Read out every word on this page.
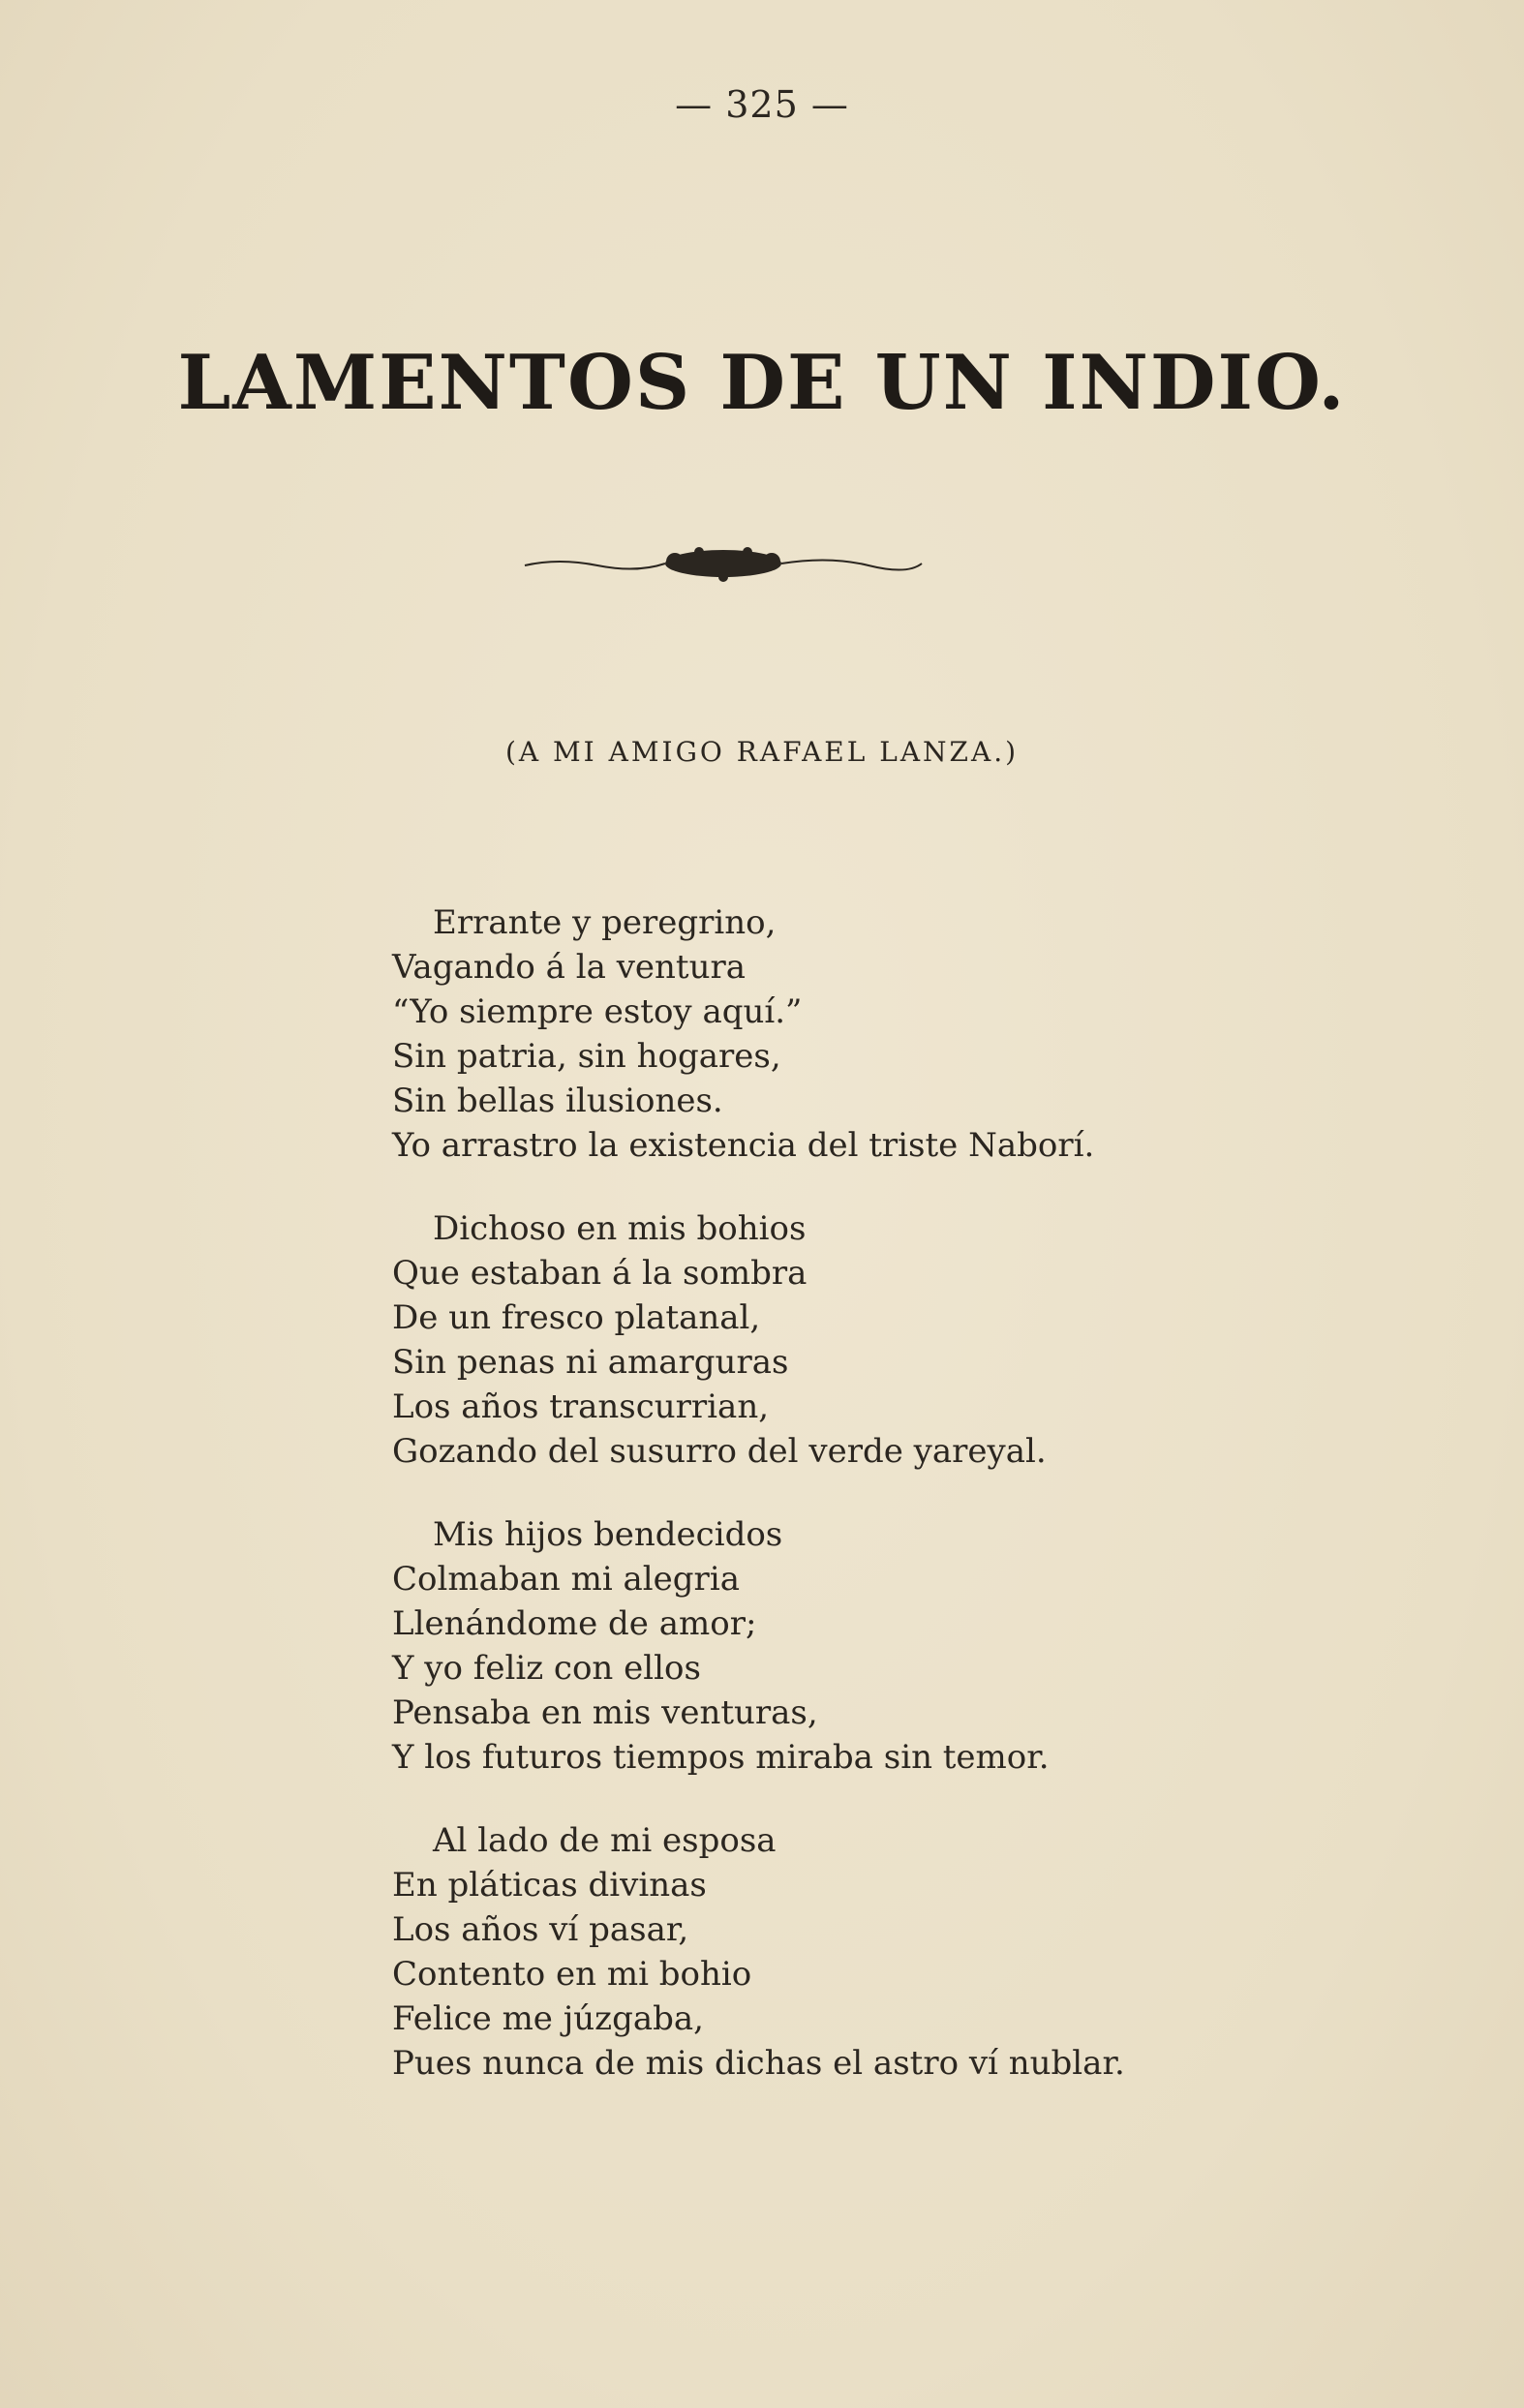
— 325 —
LAMENTOS DE UN INDIO.
(A MI AMIGO RAFAEL LANZA.)
Errante y peregrino,
Vagando á la ventura
“Yo siempre estoy aquí.”
Sin patria, sin hogares,
Sin bellas ilusiones.
Yo arrastro la existencia del triste Naborí.
Dichoso en mis bohios
Que estaban á la sombra
De un fresco platanal,
Sin penas ni amarguras
Los años transcurrian,
Gozando del susurro del verde yareyal.
Mis hijos bendecidos
Colmaban mi alegria
Llenándome de amor;
Y yo feliz con ellos
Pensaba en mis venturas,
Y los futuros tiempos miraba sin temor.
Al lado de mi esposa
En pláticas divinas
Los años ví pasar,
Contento en mi bohio
Felice me júzgaba,
Pues nunca de mis dichas el astro ví nublar.
